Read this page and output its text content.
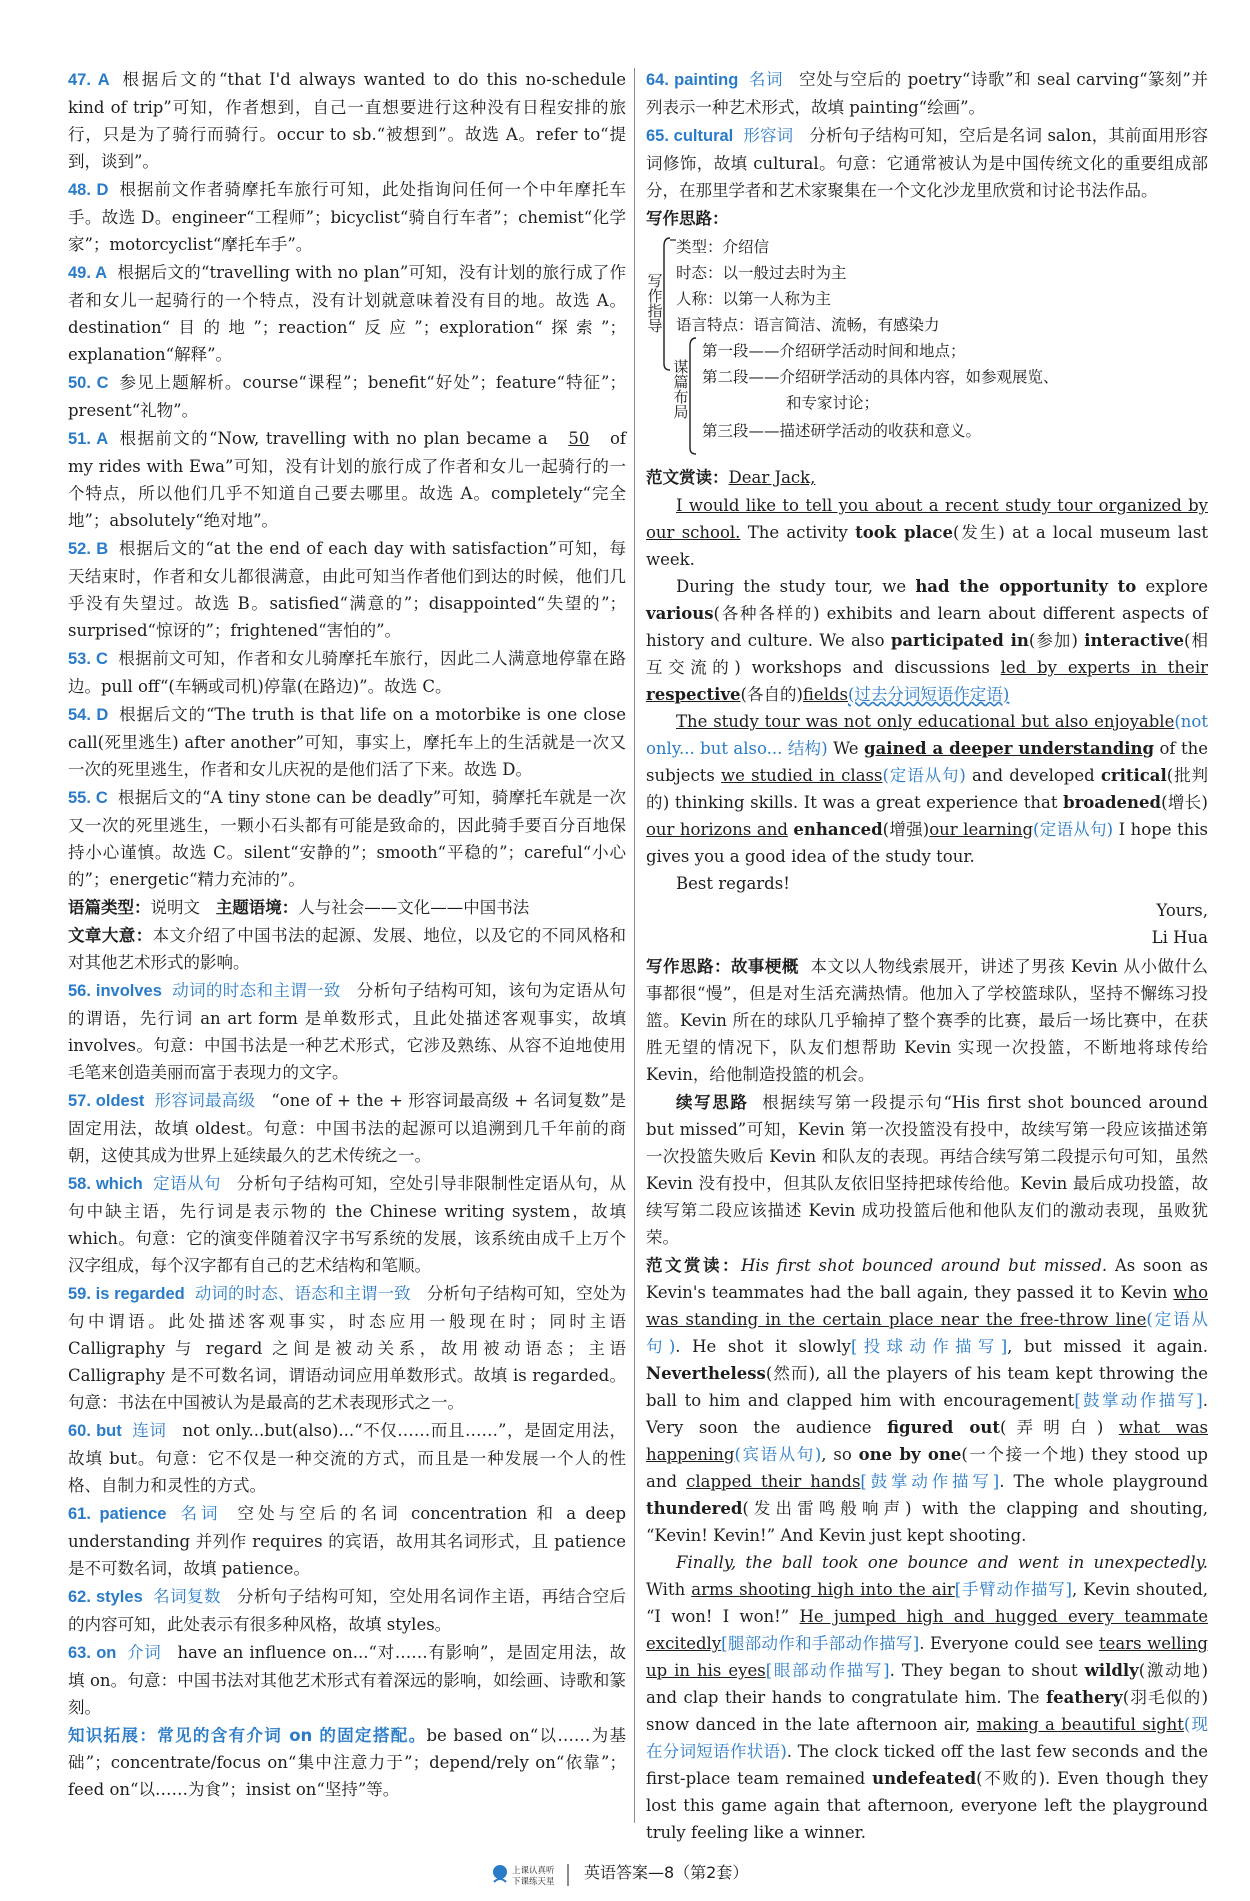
47. A 根据后文的“that I'd always wanted to do this no-schedule kind of trip”可知，作者想到，自己一直想要进行这种没有日程安排的旅行，只是为了骑行而骑行。occur to sb.“被想到”。故选 A。refer to“提到，谈到”。

48. D 根据前文作者骑摩托车旅行可知，此处指询问任何一个中年摩托车手。故选 D。engineer“工程师”；bicyclist“骑自行车者”；chemist“化学家”；motorcyclist“摩托车手”。

49. A 根据后文的“travelling with no plan”可知，没有计划的旅行成了作者和女儿一起骑行的一个特点，没有计划就意味着没有目的地。故选 A。destination“目的地”；reaction“反应”；exploration“探索”；explanation“解释”。

50. C 参见上题解析。course“课程”；benefit“好处”；feature“特征”；present“礼物”。

51. A 根据前文的“Now, travelling with no plan became a 50 of my rides with Ewa”可知，没有计划的旅行成了作者和女儿一起骑行的一个特点，所以他们几乎不知道自己要去哪里。故选 A。completely“完全地”；absolutely“绝对地”。

52. B 根据后文的“at the end of each day with satisfaction”可知，每天结束时，作者和女儿都很满意，由此可知当作者他们到达的时候，他们几乎没有失望过。故选 B。satisfied“满意的”；disappointed“失望的”；surprised“惊讶的”；frightened“害怕的”。

53. C 根据前文可知，作者和女儿骑摩托车旅行，因此二人满意地停靠在路边。pull off“(车辆或司机)停靠(在路边)”。故选 C。

54. D 根据后文的“The truth is that life on a motorbike is one close call(死里逃生) after another”可知，事实上，摩托车上的生活就是一次又一次的死里逃生，作者和女儿庆祝的是他们活了下来。故选 D。

55. C 根据后文的“A tiny stone can be deadly”可知，骑摩托车就是一次又一次的死里逃生，一颗小石头都有可能是致命的，因此骑手要百分百地保持小心谨慎。故选 C。silent“安静的”；smooth“平稳的”；careful“小心的”；energetic“精力充沛的”。

语篇类型：说明文 主题语境：人与社会——文化——中国书法

文章大意：本文介绍了中国书法的起源、发展、地位，以及它的不同风格和对其他艺术形式的影响。

56. involves 动词的时态和主谓一致 分析句子结构可知，该句为定语从句的谓语，先行词 an art form 是单数形式，且此处描述客观事实，故填 involves。句意：中国书法是一种艺术形式，它涉及熟练、从容不迫地使用毛笔来创造美丽而富于表现力的文字。

57. oldest 形容词最高级 “one of + the + 形容词最高级 + 名词复数”是固定用法，故填 oldest。句意：中国书法的起源可以追溯到几千年前的商朝，这使其成为世界上延续最久的艺术传统之一。

58. which 定语从句 分析句子结构可知，空处引导非限制性定语从句，从句中缺主语，先行词是表示物的 the Chinese writing system，故填 which。句意：它的演变伴随着汉字书写系统的发展，该系统由成千上万个汉字组成，每个汉字都有自己的艺术结构和笔顺。

59. is regarded 动词的时态、语态和主谓一致 分析句子结构可知，空处为句中谓语。此处描述客观事实，时态应用一般现在时；同时主语 Calligraphy 与 regard 之间是被动关系，故用被动语态；主语 Calligraphy 是不可数名词，谓语动词应用单数形式。故填 is regarded。句意：书法在中国被认为是最高的艺术表现形式之一。

60. but 连词 not only...but(also)...“不仅……而且……”，是固定用法，故填 but。句意：它不仅是一种交流的方式，而且是一种发展一个人的性格、自制力和灵性的方式。

61. patience 名词 空处与空后的名词 concentration 和 a deep understanding 并列作 requires 的宾语，故用其名词形式，且 patience 是不可数名词，故填 patience。

62. styles 名词复数 分析句子结构可知，空处用名词作主语，再结合空后的内容可知，此处表示有很多种风格，故填 styles。

63. on 介词 have an influence on...“对……有影响”，是固定用法，故填 on。句意：中国书法对其他艺术形式有着深远的影响，如绘画、诗歌和篆刻。

知识拓展：常见的含有介词 on 的固定搭配。be based on“以……为基础”；concentrate/focus on“集中注意力于”；depend/rely on“依靠”；feed on“以……为食”；insist on“坚持”等。

64. painting 名词 空处与空后的 poetry“诗歌”和 seal carving“篆刻”并列表示一种艺术形式，故填 painting“绘画”。

65. cultural 形容词 分析句子结构可知，空后是名词 salon，其前面用形容词修饰，故填 cultural。句意：它通常被认为是中国传统文化的重要组成部分，在那里学者和艺术家聚集在一个文化沙龙里欣赏和讨论书法作品。

写作思路：

写作指导
谋篇布局
类型：介绍信
时态：以一般过去时为主
人称：以第一人称为主
语言特点：语言简洁、流畅，有感染力
第一段——介绍研学活动时间和地点；
第二段——介绍研学活动的具体内容，如参观展览、
和专家讨论；
第三段——描述研学活动的收获和意义。

范文赏读：Dear Jack,

I would like to tell you about a recent study tour organized by our school. The activity took place(发生) at a local museum last week.

During the study tour, we had the opportunity to explore various(各种各样的) exhibits and learn about different aspects of history and culture. We also participated in(参加) interactive(相互交流的) workshops and discussions led by experts in their respective(各自的)fields(过去分词短语作定语)

The study tour was not only educational but also enjoyable(not only... but also... 结构) We gained a deeper understanding of the subjects we studied in class(定语从句) and developed critical(批判的) thinking skills. It was a great experience that broadened(增长) our horizons and enhanced(增强)our learning(定语从句) I hope this gives you a good idea of the study tour.

Best regards!

Yours,

Li Hua

写作思路：故事梗概 本文以人物线索展开，讲述了男孩 Kevin 从小做什么事都很“慢”，但是对生活充满热情。他加入了学校篮球队，坚持不懈练习投篮。Kevin 所在的球队几乎输掉了整个赛季的比赛，最后一场比赛中，在获胜无望的情况下，队友们想帮助 Kevin 实现一次投篮，不断地将球传给 Kevin，给他制造投篮的机会。

续写思路 根据续写第一段提示句“His first shot bounced around but missed”可知，Kevin 第一次投篮没有投中，故续写第一段应该描述第一次投篮失败后 Kevin 和队友的表现。再结合续写第二段提示句可知，虽然 Kevin 没有投中，但其队友依旧坚持把球传给他。Kevin 最后成功投篮，故续写第二段应该描述 Kevin 成功投篮后他和他队友们的激动表现，虽败犹荣。

范文赏读：His first shot bounced around but missed. As soon as Kevin's teammates had the ball again, they passed it to Kevin who was standing in the certain place near the free-throw line(定语从句). He shot it slowly[投球动作描写], but missed it again. Nevertheless(然而), all the players of his team kept throwing the ball to him and clapped him with encouragement[鼓掌动作描写]. Very soon the audience figured out(弄明白) what was happening(宾语从句), so one by one(一个接一个地) they stood up and clapped their hands[鼓掌动作描写]. The whole playground thundered(发出雷鸣般响声) with the clapping and shouting, “Kevin! Kevin!” And Kevin just kept shooting.

Finally, the ball took one bounce and went in unexpectedly. With arms shooting high into the air[手臂动作描写], Kevin shouted, “I won! I won!” He jumped high and hugged every teammate excitedly[腿部动作和手部动作描写]. Everyone could see tears welling up in his eyes[眼部动作描写]. They began to shout wildly(激动地) and clap their hands to congratulate him. The feathery(羽毛似的) snow danced in the late afternoon air, making a beautiful sight(现在分词短语作状语). The clock ticked off the last few seconds and the first-place team remained undefeated(不败的). Even though they lost this game again that afternoon, everyone left the playground truly feeling like a winner.

上课认真听
下课练天星 英语答案—8（第2套）
